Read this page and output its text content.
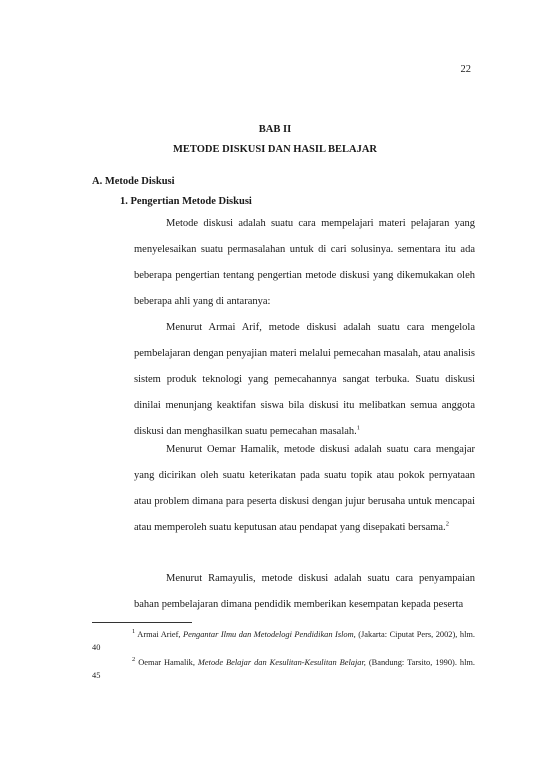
22
BAB II
METODE DISKUSI DAN HASIL BELAJAR
A. Metode Diskusi
1. Pengertian Metode Diskusi

Metode diskusi adalah suatu cara mempelajari materi pelajaran yang menyelesaikan suatu permasalahan untuk di cari solusinya. sementara itu ada beberapa pengertian tentang pengertian metode diskusi yang dikemukakan oleh beberapa ahli yang di antaranya:

Menurut Armai Arif, metode diskusi adalah suatu cara mengelola pembelajaran dengan penyajian materi melalui pemecahan masalah, atau analisis sistem produk teknologi yang pemecahannya sangat terbuka. Suatu diskusi dinilai menunjang keaktifan siswa bila diskusi itu melibatkan semua anggota diskusi dan menghasilkan suatu pemecahan masalah.$^1$

Menurut Oemar Hamalik, metode diskusi adalah suatu cara mengajar yang dicirikan oleh suatu keterikatan pada suatu topik atau pokok pernyataan atau problem dimana para peserta diskusi dengan jujur berusaha untuk mencapai atau memperoleh suatu keputusan atau pendapat yang disepakati bersama.$^2$

Menurut Ramayulis, metode diskusi adalah suatu cara penyampaian bahan pembelajaran dimana pendidik memberikan kesempatan kepada peserta

$^1$ Armai Arief, Pengantar Ilmu dan Metodelogi Pendidikan Islom, (Jakarta: Ciputat Pers, 2002), hlm. 40

$^2$ Oemar Hamalik, Metode Belajar dan Kesulitan-Kesulitan Belajar, (Bandung: Tarsito, 1990). hlm. 45
